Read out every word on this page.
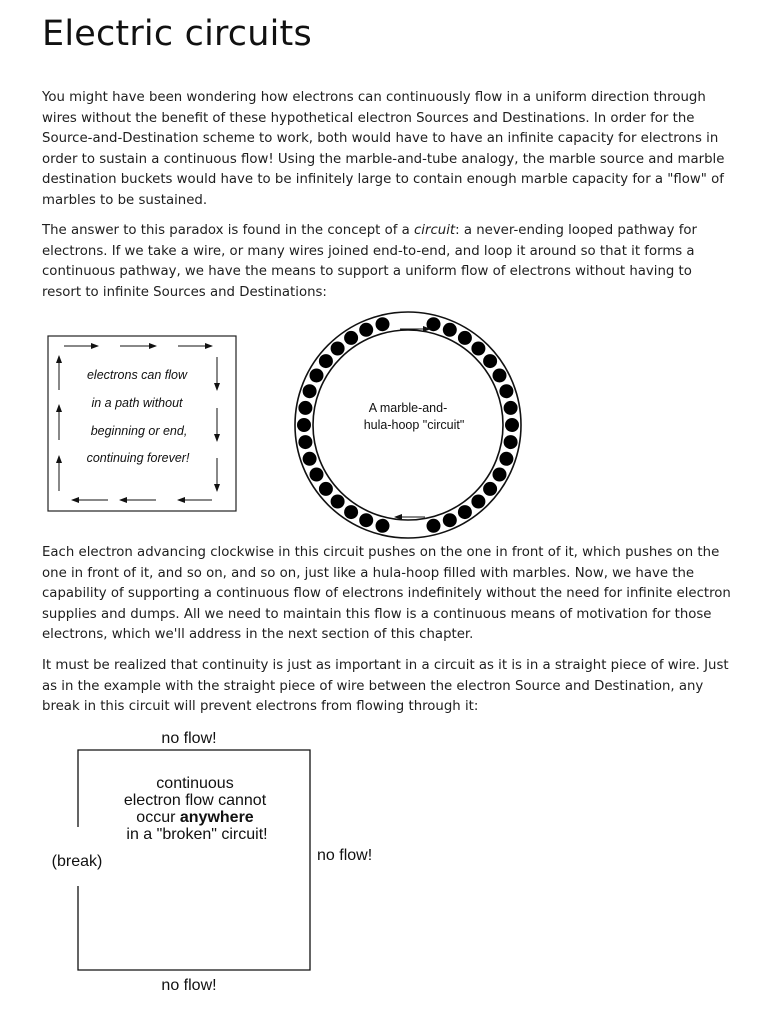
Electric circuits

You might have been wondering how electrons can continuously flow in a uniform direction through wires without the benefit of these hypothetical electron Sources and Destinations. In order for the Source-and-Destination scheme to work, both would have to have an infinite capacity for electrons in order to sustain a continuous flow! Using the marble-and-tube analogy, the marble source and marble destination buckets would have to be infinitely large to contain enough marble capacity for a "flow" of marbles to be sustained.

The answer to this paradox is found in the concept of a circuit: a never-ending looped pathway for electrons. If we take a wire, or many wires joined end-to-end, and loop it around so that it forms a continuous pathway, we have the means to support a uniform flow of electrons without having to resort to infinite Sources and Destinations:

electrons can flow
in a path without
beginning or end,
continuing forever!
A marble-and-
hula-hoop "circuit"
no flow!
no flow!
no flow!
(break)
continuous
electron flow cannot
occur anywhere
in a "broken" circuit!

Each electron advancing clockwise in this circuit pushes on the one in front of it, which pushes on the one in front of it, and so on, and so on, just like a hula-hoop filled with marbles. Now, we have the capability of supporting a continuous flow of electrons indefinitely without the need for infinite electron supplies and dumps. All we need to maintain this flow is a continuous means of motivation for those electrons, which we'll address in the next section of this chapter.

It must be realized that continuity is just as important in a circuit as it is in a straight piece of wire. Just as in the example with the straight piece of wire between the electron Source and Destination, any break in this circuit will prevent electrons from flowing through it:
